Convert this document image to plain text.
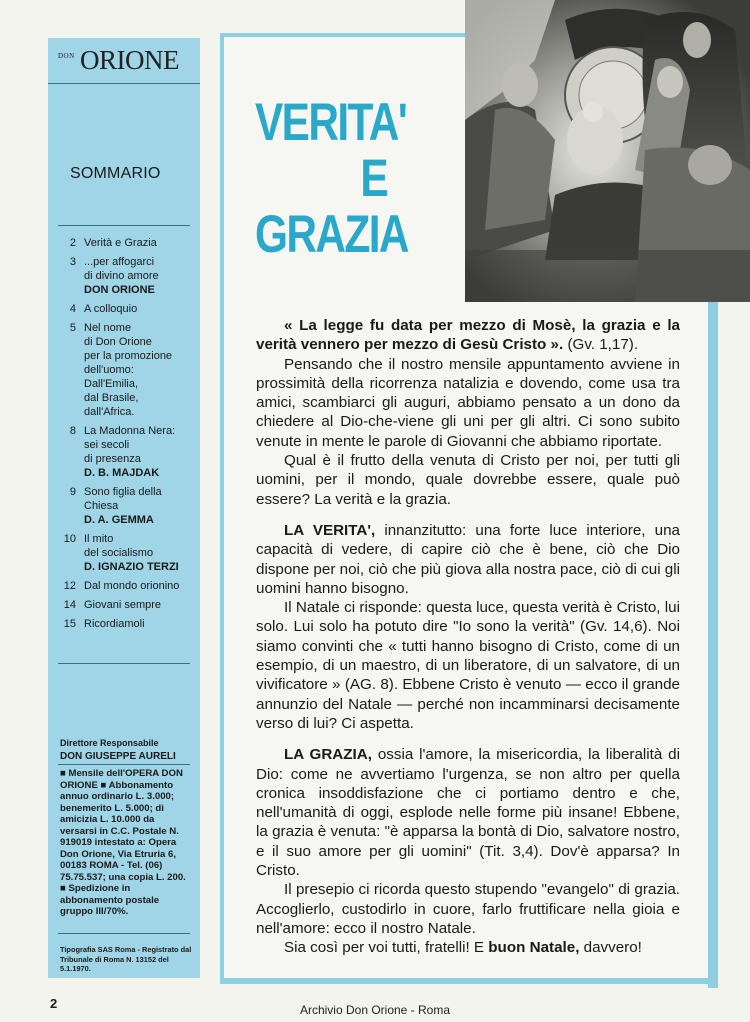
DON ORIONE
SOMMARIO
2 Verità e Grazia
3 ...per affogarci
di divino amore
DON ORIONE
4 A colloquio
5 Nel nome
di Don Orione
per la promozione
dell'uomo:
Dall'Emilia,
dal Brasile,
dall'Africa.
8 La Madonna Nera:
sei secoli
di presenza
D. B. MAJDAK
9 Sono figlia della
Chiesa
D. A. GEMMA
10 Il mito
del socialismo
D. IGNAZIO TERZI
12 Dal mondo orionino
14 Giovani sempre
15 Ricordiamoli
Direttore Responsabile
DON GIUSEPPE AURELI
■ Mensile dell'OPERA DON ORIONE ■ Abbonamento annuo ordinario L. 3.000; benemerito L. 5.000; di amicizia L. 10.000 da versarsi in C.C. Postale N. 919019 intestato a: Opera Don Orione, Via Etruria 6, 00183 ROMA - Tel. (06) 75.75.537; una copia L. 200. ■ Spedizione in abbonamento postale gruppo III/70%.
Tipografia SAS Roma - Registrato dal Tribunale di Roma N. 13152 del 5.1.1970.
VERITA'
E
GRAZIA

« La legge fu data per mezzo di Mosè, la grazia e la verità vennero per mezzo di Gesù Cristo ». (Gv. 1,17).

Pensando che il nostro mensile appuntamento avviene in prossimità della ricorrenza natalizia e dovendo, come usa tra amici, scambiarci gli auguri, abbiamo pensato a un dono da chiedere al Dio-che-viene gli uni per gli altri. Ci sono subito venute in mente le parole di Giovanni che abbiamo riportate.

Qual è il frutto della venuta di Cristo per noi, per tutti gli uomini, per il mondo, quale dovrebbe essere, quale può essere? La verità e la grazia.

LA VERITA', innanzitutto: una forte luce interiore, una capacità di vedere, di capire ciò che è bene, ciò che Dio dispone per noi, ciò che più giova alla nostra pace, ciò di cui gli uomini hanno bisogno.

Il Natale ci risponde: questa luce, questa verità è Cristo, lui solo. Lui solo ha potuto dire "Io sono la verità" (Gv. 14,6). Noi siamo convinti che « tutti hanno bisogno di Cristo, come di un esempio, di un maestro, di un liberatore, di un salvatore, di un vivificatore » (AG. 8). Ebbene Cristo è venuto — ecco il grande annunzio del Natale — perché non incamminarsi decisamente verso di lui? Ci aspetta.

LA GRAZIA, ossia l'amore, la misericordia, la liberalità di Dio: come ne avvertiamo l'urgenza, se non altro per quella cronica insoddisfazione che ci portiamo dentro e che, nell'umanità di oggi, esplode nelle forme più insane! Ebbene, la grazia è venuta: "è apparsa la bontà di Dio, salvatore nostro, e il suo amore per gli uomini" (Tit. 3,4). Dov'è apparsa? In Cristo.

Il presepio ci ricorda questo stupendo "evangelo" di grazia. Accoglierlo, custodirlo in cuore, farlo fruttificare nella gioia e nell'amore: ecco il nostro Natale.

Sia così per voi tutti, fratelli! E buon Natale, davvero!

2	Archivio Don Orione - Roma
